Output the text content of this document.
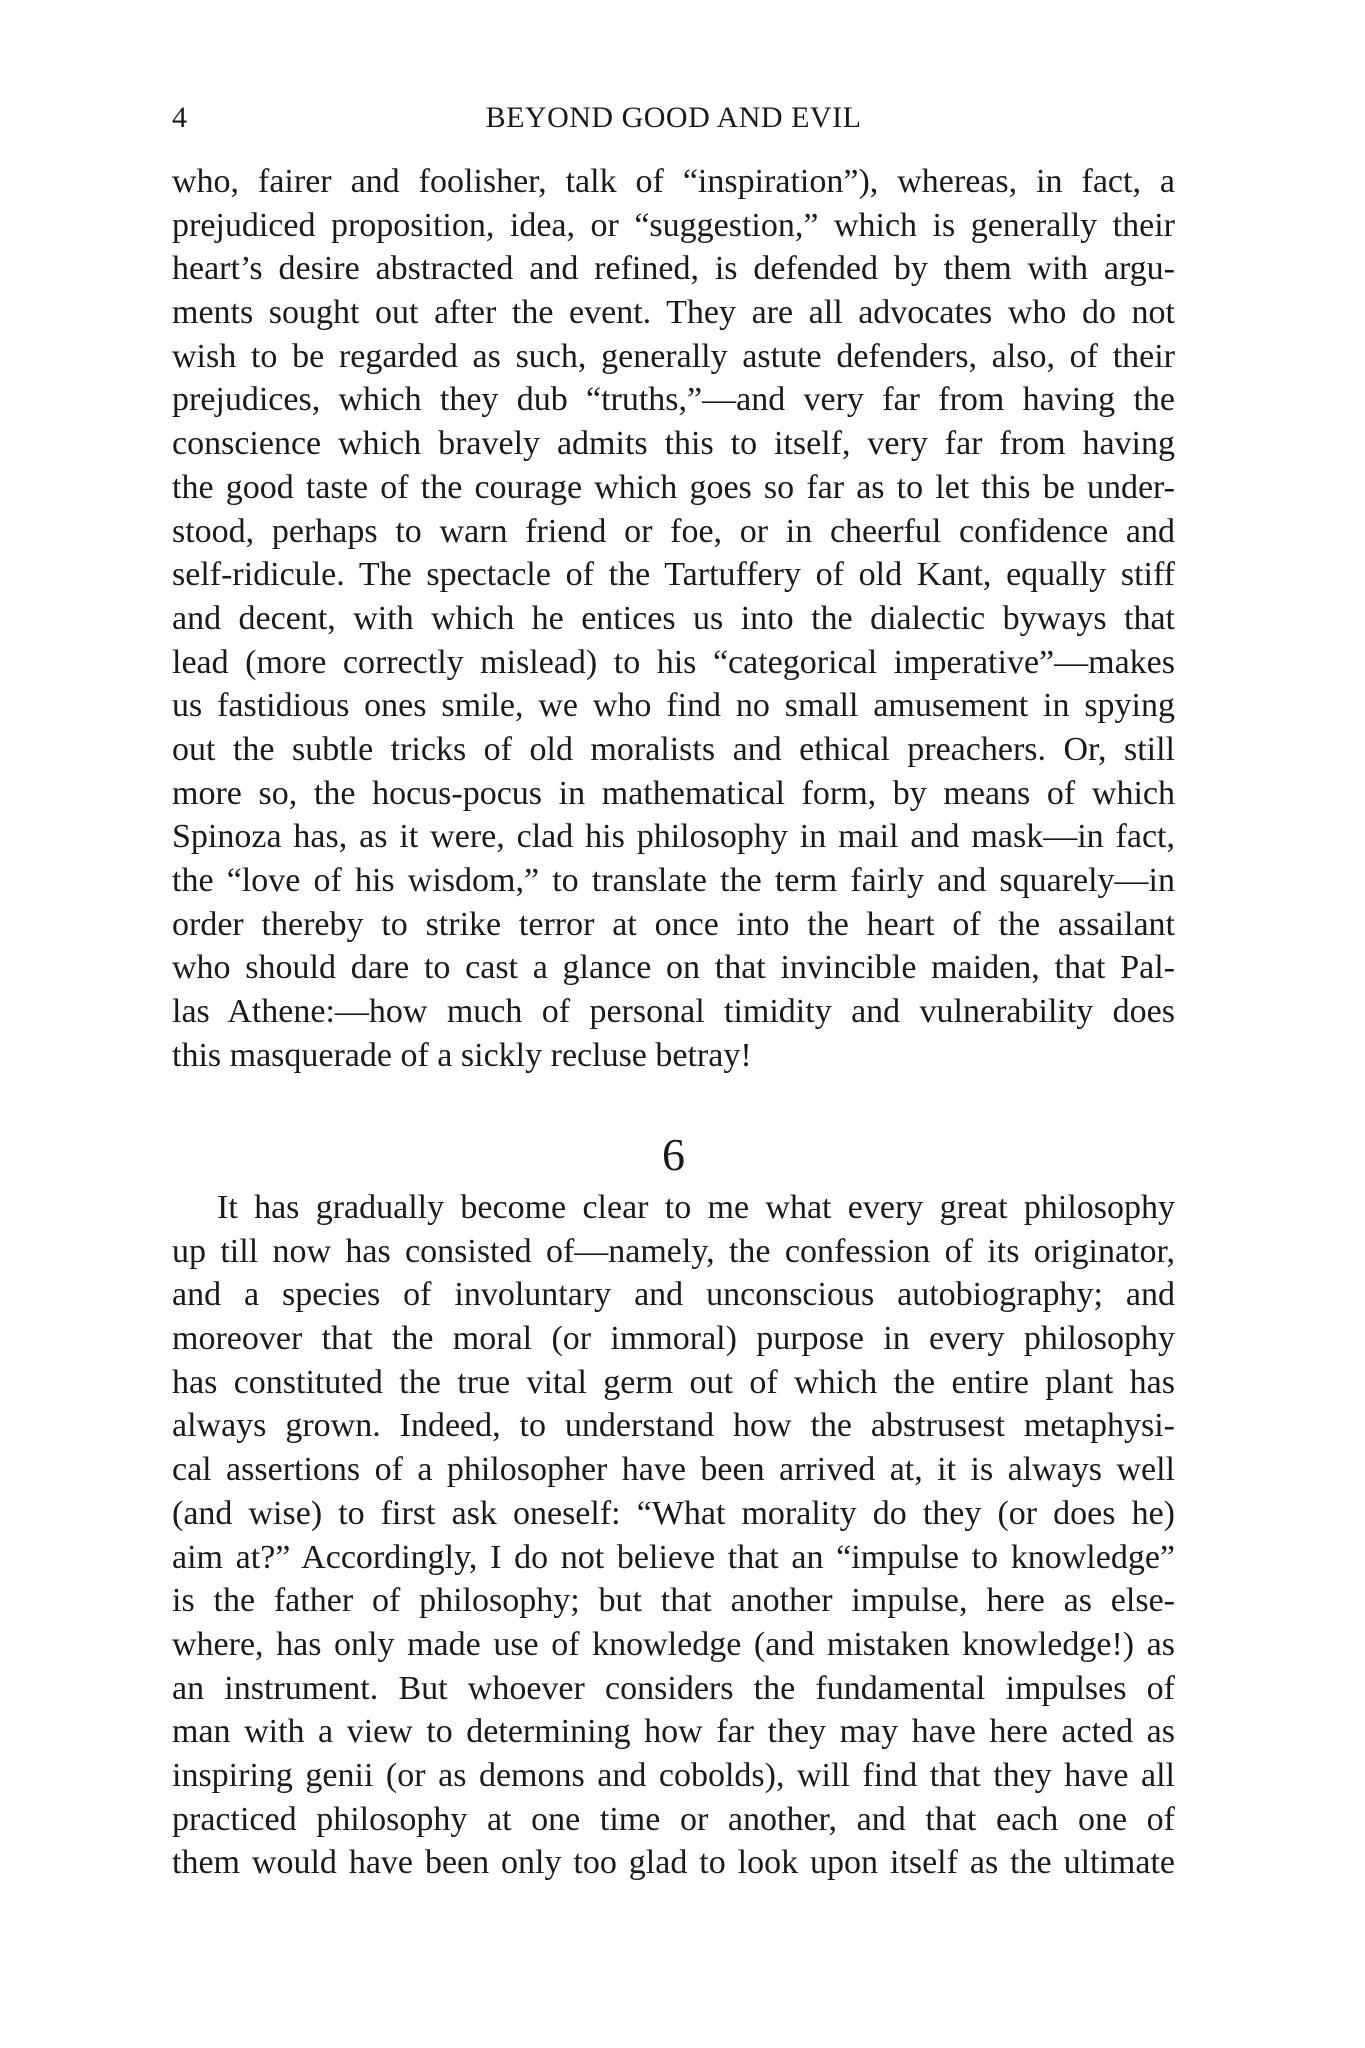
4	BEYOND GOOD AND EVIL
who, fairer and foolisher, talk of “inspiration”), whereas, in fact, a
prejudiced proposition, idea, or “suggestion,” which is generally their
heart’s desire abstracted and refined, is defended by them with argu-
ments sought out after the event. They are all advocates who do not
wish to be regarded as such, generally astute defenders, also, of their
prejudices, which they dub “truths,”—and very far from having the
conscience which bravely admits this to itself, very far from having
the good taste of the courage which goes so far as to let this be under-
stood, perhaps to warn friend or foe, or in cheerful confidence and
self-ridicule. The spectacle of the Tartuffery of old Kant, equally stiff
and decent, with which he entices us into the dialectic byways that
lead (more correctly mislead) to his “categorical imperative”—makes
us fastidious ones smile, we who find no small amusement in spying
out the subtle tricks of old moralists and ethical preachers. Or, still
more so, the hocus-pocus in mathematical form, by means of which
Spinoza has, as it were, clad his philosophy in mail and mask—in fact,
the “love of his wisdom,” to translate the term fairly and squarely—in
order thereby to strike terror at once into the heart of the assailant
who should dare to cast a glance on that invincible maiden, that Pal-
las Athene:—how much of personal timidity and vulnerability does
this masquerade of a sickly recluse betray!
6
It has gradually become clear to me what every great philosophy
up till now has consisted of—namely, the confession of its originator,
and a species of involuntary and unconscious autobiography; and
moreover that the moral (or immoral) purpose in every philosophy
has constituted the true vital germ out of which the entire plant has
always grown. Indeed, to understand how the abstrusest metaphysi-
cal assertions of a philosopher have been arrived at, it is always well
(and wise) to first ask oneself: “What morality do they (or does he)
aim at?” Accordingly, I do not believe that an “impulse to knowledge”
is the father of philosophy; but that another impulse, here as else-
where, has only made use of knowledge (and mistaken knowledge!) as
an instrument. But whoever considers the fundamental impulses of
man with a view to determining how far they may have here acted as
inspiring genii (or as demons and cobolds), will find that they have all
practiced philosophy at one time or another, and that each one of
them would have been only too glad to look upon itself as the ultimate
